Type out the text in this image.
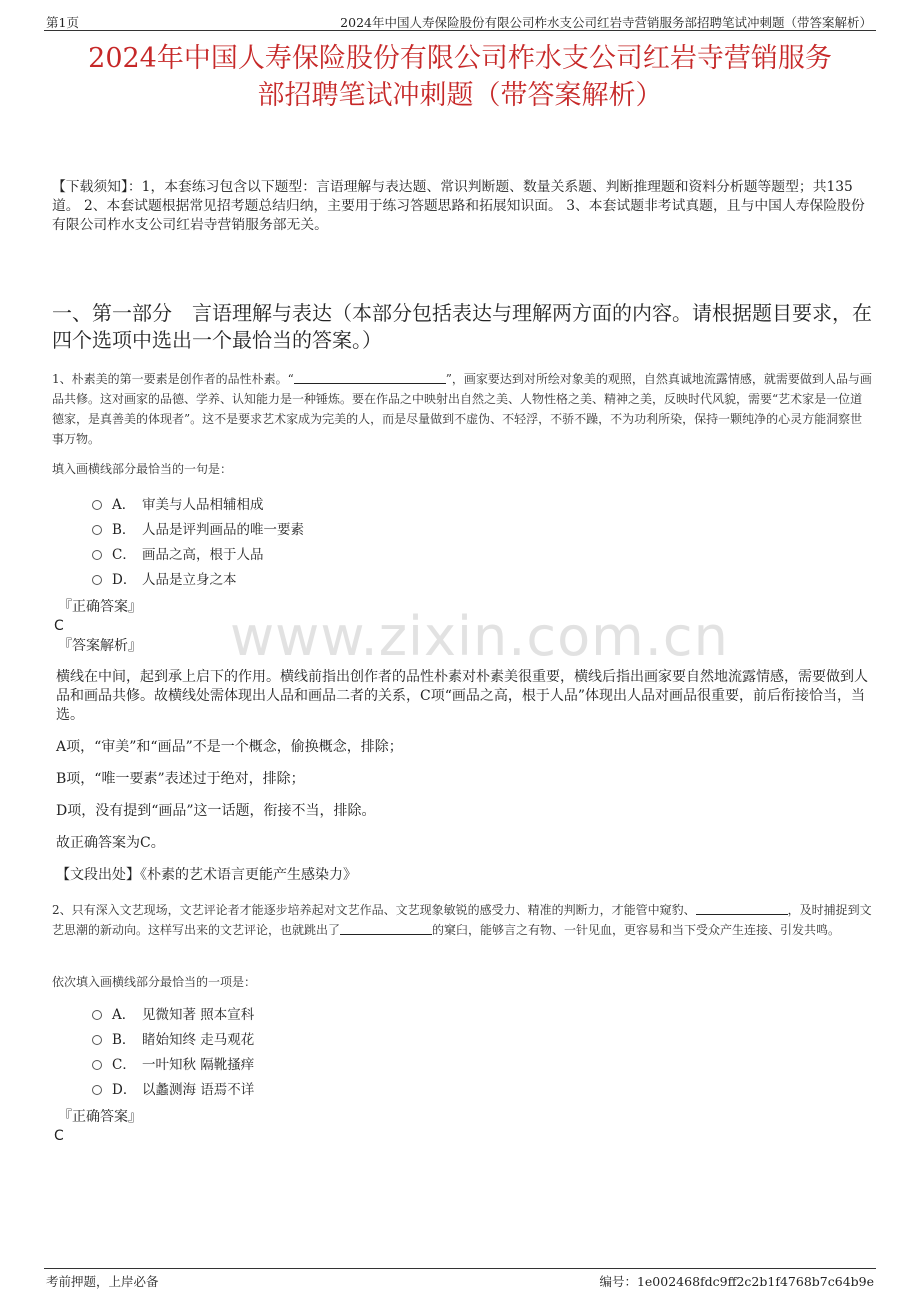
第1页	2024年中国人寿保险股份有限公司柞水支公司红岩寺营销服务部招聘笔试冲刺题（带答案解析）
2024年中国人寿保险股份有限公司柞水支公司红岩寺营销服务
部招聘笔试冲刺题（带答案解析）
【下载须知】：1，本套练习包含以下题型：言语理解与表达题、常识判断题、数量关系题、判断推理题和资料分析题等题型；共135道。 2、本套试题根据常见招考题总结归纳，主要用于练习答题思路和拓展知识面。 3、本套试题非考试真题，且与中国人寿保险股份有限公司柞水支公司红岩寺营销服务部无关。
一、第一部分　言语理解与表达（本部分包括表达与理解两方面的内容。请根据题目要求，在四个选项中选出一个最恰当的答案。）
1、朴素美的第一要素是创作者的品性朴素。“	”，画家要达到对所绘对象美的观照，自然真诚地流露情感，就需要做到人品与画品共修。这对画家的品德、学养、认知能力是一种锤炼。要在作品之中映射出自然之美、人物性格之美、精神之美，反映时代风貌，需要“艺术家是一位道德家，是真善美的体现者”。这不是要求艺术家成为完美的人，而是尽量做到不虚伪、不轻浮，不骄不躁，不为功利所染，保持一颗纯净的心灵方能洞察世事万物。
填入画横线部分最恰当的一句是：
A． 审美与人品相辅相成
B． 人品是评判画品的唯一要素
C． 画品之高，根于人品
D． 人品是立身之本
www.zixin.com.cn
『正确答案』
C
『答案解析』
横线在中间，起到承上启下的作用。横线前指出创作者的品性朴素对朴素美很重要，横线后指出画家要自然地流露情感，需要做到人品和画品共修。故横线处需体现出人品和画品二者的关系，C项“画品之高，根于人品”体现出人品对画品很重要，前后衔接恰当，当选。
A项，“审美”和“画品”不是一个概念，偷换概念，排除；
B项，“唯一要素”表述过于绝对，排除；
D项，没有提到“画品”这一话题，衔接不当，排除。
故正确答案为C。
【文段出处】《朴素的艺术语言更能产生感染力》
2、只有深入文艺现场，文艺评论者才能逐步培养起对文艺作品、文艺现象敏锐的感受力、精准的判断力，才能管中窥豹、	，及时捕捉到文艺思潮的新动向。这样写出来的文艺评论，也就跳出了	的窠臼，能够言之有物、一针见血，更容易和当下受众产生连接、引发共鸣。
依次填入画横线部分最恰当的一项是：
A． 见微知著 照本宣科
B． 睹始知终 走马观花
C． 一叶知秋 隔靴搔痒
D． 以蠡测海 语焉不详
『正确答案』
C
考前押题，上岸必备	编号：1e002468fdc9ff2c2b1f4768b7c64b9e
